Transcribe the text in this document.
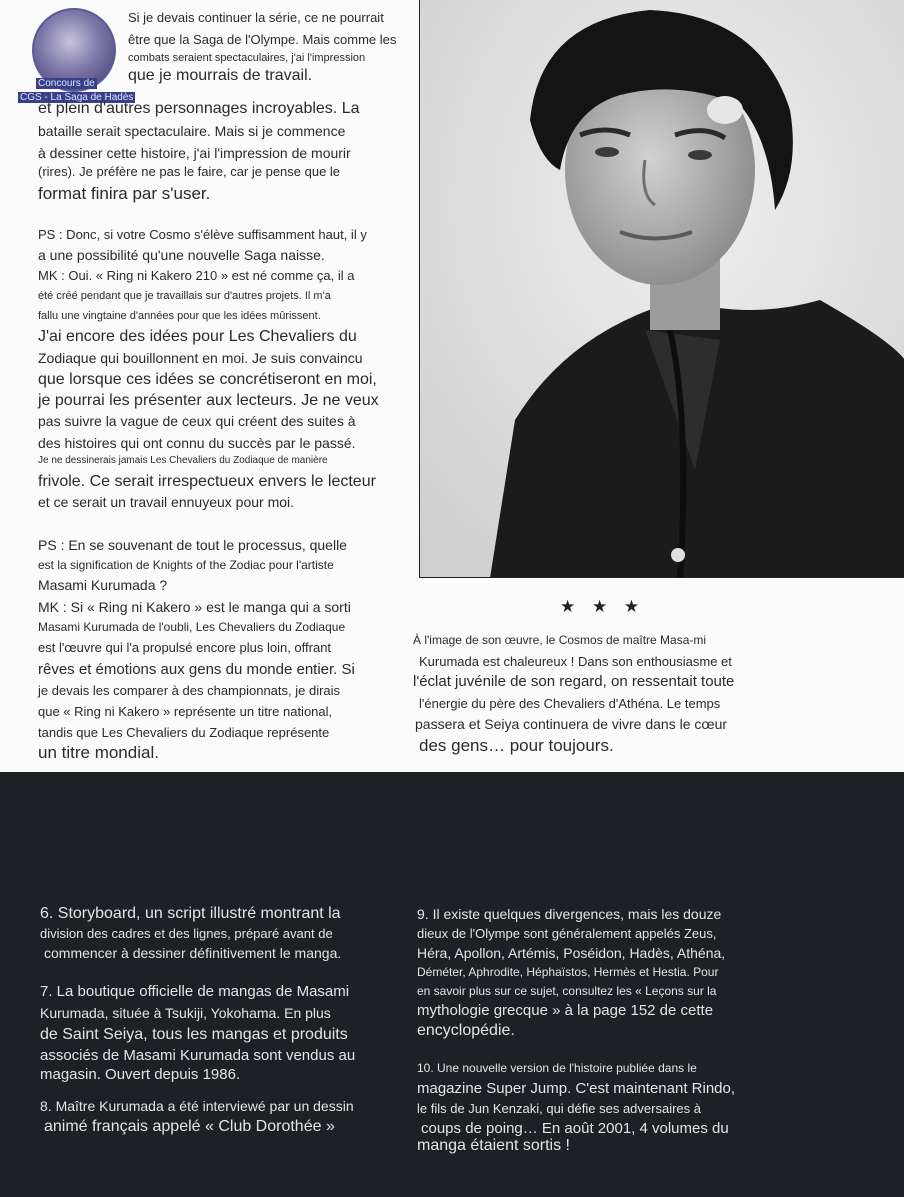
Concours de
CGS - La Saga de Hadès
Si je devais continuer la série, ce ne pourrait
être que la Saga de l'Olympe. Mais comme les
combats seraient spectaculaires, j'ai l'impression
que je mourrais de travail.
et plein d'autres personnages incroyables. La
bataille serait spectaculaire. Mais si je commence
à dessiner cette histoire, j'ai l'impression de mourir
(rires). Je préfère ne pas le faire, car je pense que le
format finira par s'user.
PS : Donc, si votre Cosmo s'élève suffisamment haut, il y
a une possibilité qu'une nouvelle Saga naisse.
MK : Oui. « Ring ni Kakero 210 » est né comme ça, il a
été créé pendant que je travaillais sur d'autres projets. Il m'a
fallu une vingtaine d'années pour que les idées mûrissent.
J'ai encore des idées pour Les Chevaliers du
Zodiaque qui bouillonnent en moi. Je suis convaincu
que lorsque ces idées se concrétiseront en moi,
je pourrai les présenter aux lecteurs. Je ne veux
pas suivre la vague de ceux qui créent des suites à
des histoires qui ont connu du succès par le passé.
Je ne dessinerais jamais Les Chevaliers du Zodiaque de manière
frivole. Ce serait irrespectueux envers le lecteur
et ce serait un travail ennuyeux pour moi.
PS : En se souvenant de tout le processus, quelle
est la signification de Knights of the Zodiac pour l'artiste
Masami Kurumada ?
MK : Si « Ring ni Kakero » est le manga qui a sorti
Masami Kurumada de l'oubli, Les Chevaliers du Zodiaque
est l'œuvre qui l'a propulsé encore plus loin, offrant
rêves et émotions aux gens du monde entier. Si
je devais les comparer à des championnats, je dirais
que « Ring ni Kakero » représente un titre national,
tandis que Les Chevaliers du Zodiaque représente
un titre mondial.
★ ★ ★
À l'image de son œuvre, le Cosmos de maître Masa-mi
Kurumada est chaleureux ! Dans son enthousiasme et
l'éclat juvénile de son regard, on ressentait toute
l'énergie du père des Chevaliers d'Athéna. Le temps
passera et Seiya continuera de vivre dans le cœur
des gens… pour toujours.
6. Storyboard, un script illustré montrant la
division des cadres et des lignes, préparé avant de
commencer à dessiner définitivement le manga.
7. La boutique officielle de mangas de Masami
Kurumada, située à Tsukiji, Yokohama. En plus
de Saint Seiya, tous les mangas et produits
associés de Masami Kurumada sont vendus au
magasin. Ouvert depuis 1986.
8. Maître Kurumada a été interviewé par un dessin
animé français appelé « Club Dorothée »
9. Il existe quelques divergences, mais les douze
dieux de l'Olympe sont généralement appelés Zeus,
Héra, Apollon, Artémis, Poséidon, Hadès, Athéna,
Déméter, Aphrodite, Héphaïstos, Hermès et Hestia. Pour
en savoir plus sur ce sujet, consultez les « Leçons sur la
mythologie grecque » à la page 152 de cette
encyclopédie.
10. Une nouvelle version de l'histoire publiée dans le
magazine Super Jump. C'est maintenant Rindo,
le fils de Jun Kenzaki, qui défie ses adversaires à
coups de poing… En août 2001, 4 volumes du
manga étaient sortis !
